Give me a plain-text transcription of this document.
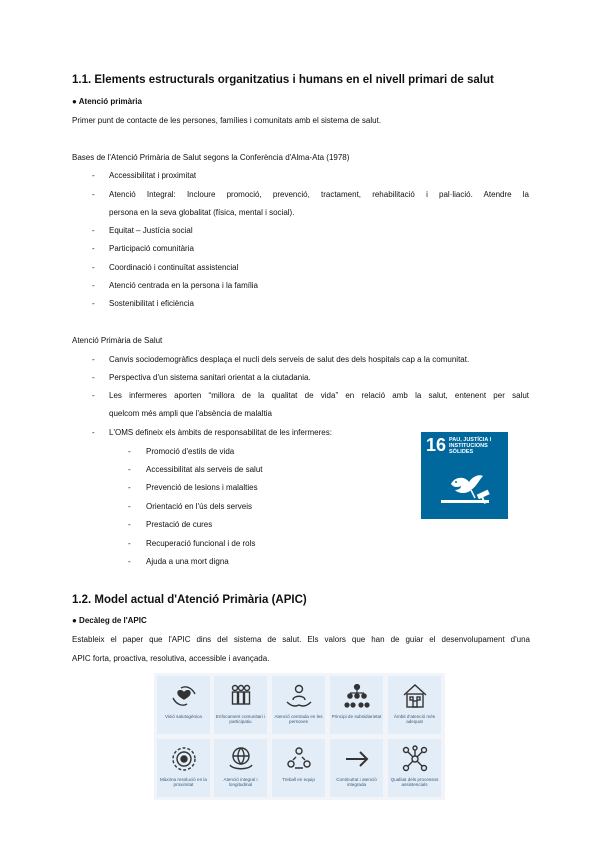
1.1. Elements estructurals organitzatius i humans en el nivell primari de salut
● Atenció primària
Primer punt de contacte de les persones, famílies i comunitats amb el sistema de salut.
Bases de l'Atenció Primària de Salut segons la Conferència d'Alma-Ata (1978)
- Accessibilitat i proximitat
- Atenció Integral: Incloure promoció, prevenció, tractament, rehabilitació i pal·liació. Atendre la
persona en la seva globalitat (física, mental i social).
- Equitat – Justícia social
- Participació comunitària
- Coordinació i continuïtat assistencial
- Atenció centrada en la persona i la família
- Sostenibilitat i eficiència
Atenció Primària de Salut
- Canvis sociodemogràfics desplaça el nucli dels serveis de salut des dels hospitals cap a la comunitat.
- Perspectiva d'un sistema sanitari orientat a la ciutadania.
- Les infermeres aporten “millora de la qualitat de vida” en relació amb la salut, entenent per salut
quelcom més ampli que l'absència de malaltia
- L'OMS defineix els àmbits de responsabilitat de les infermeres:
- Promoció d'estils de vida
- Accessibilitat als serveis de salut
- Prevenció de lesions i malalties
- Orientació en l'ús dels serveis
- Prestació de cures
- Recuperació funcional i de rols
- Ajuda a una mort digna
16 PAU, JUSTÍCIA I INSTITUCIONS SÒLIDES
1.2. Model actual d'Atenció Primària (APIC)
● Decàleg de l'APIC
Estableix el paper que l'APIC dins del sistema de salut. Els valors que han de guiar el desenvolupament d'una
APIC forta, proactiva, resolutiva, accessible i avançada.
Visió salutogènica	Enfocament comunitari i participatiu
Atenció centrada en les persones
Principi de subsidiarietat	Àmbit d'atenció més adequat
Màxima resolució en la proximitat
Atenció integral i longitudinal
Treball en equip	Continuïtat i atenció integrada
Qualitat dels processos assistencials
